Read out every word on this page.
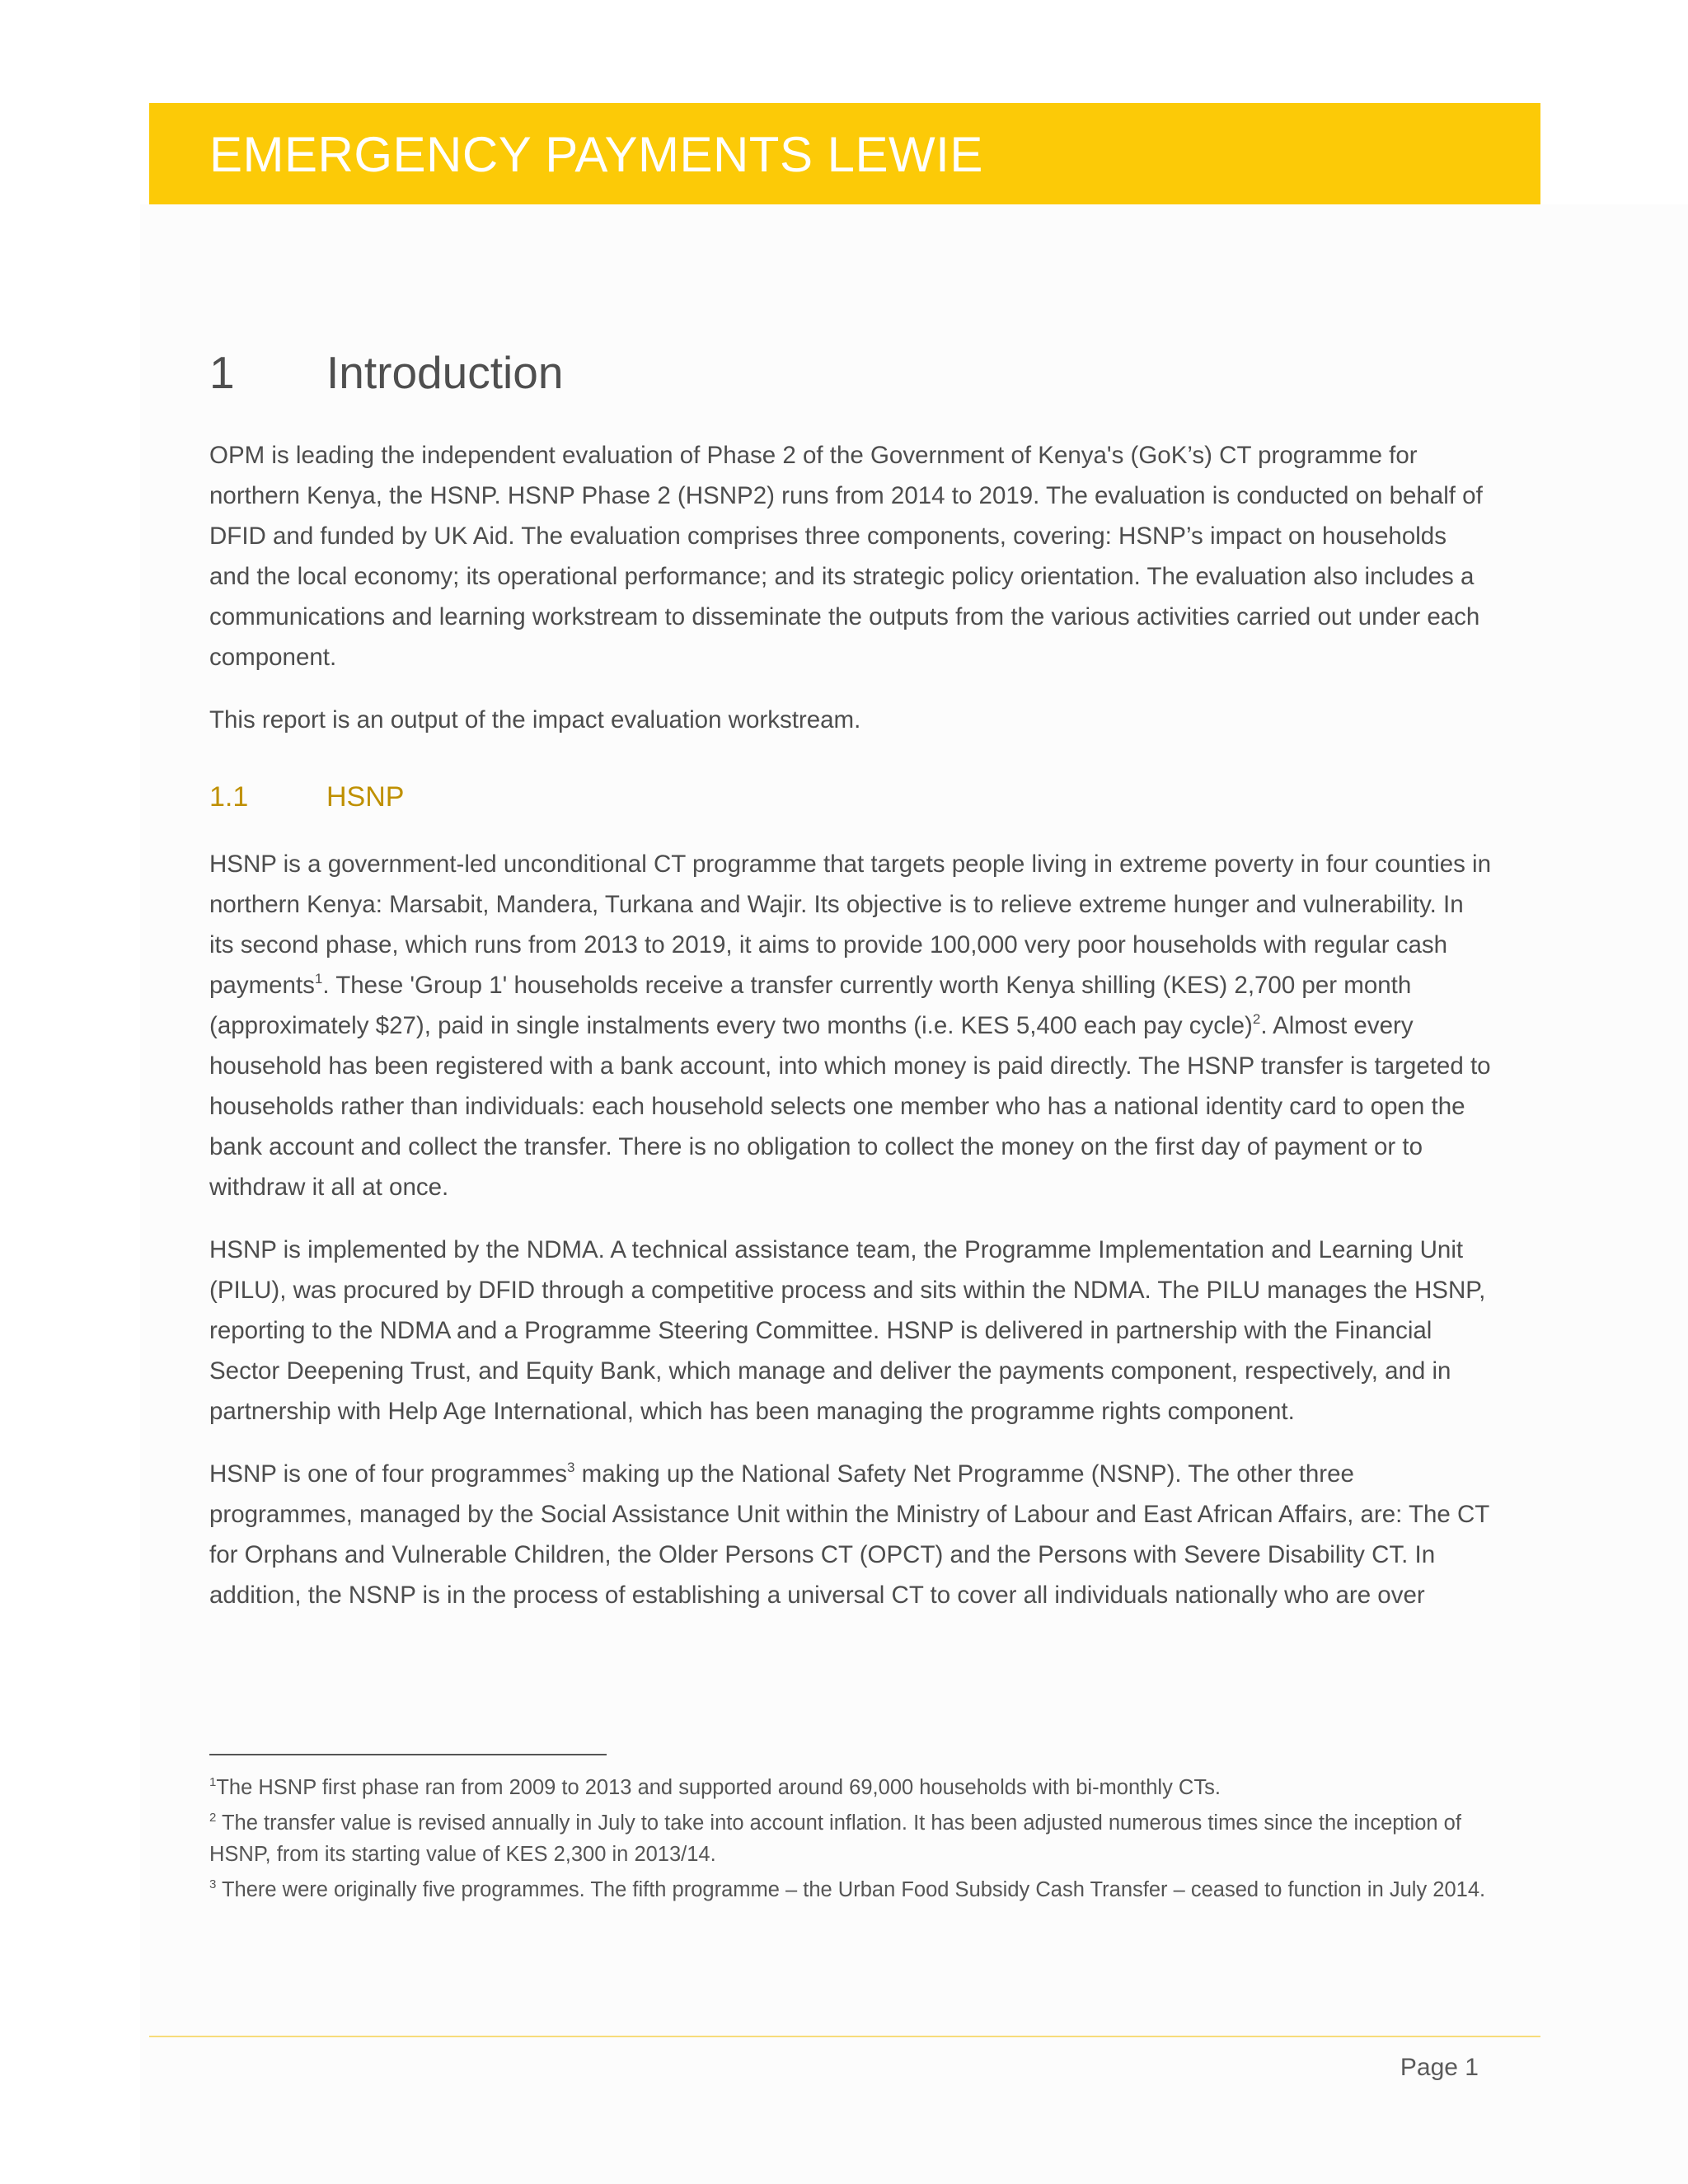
EMERGENCY PAYMENTS LEWIE
1 Introduction

OPM is leading the independent evaluation of Phase 2 of the Government of Kenya's (GoK’s) CT programme for northern Kenya, the HSNP. HSNP Phase 2 (HSNP2) runs from 2014 to 2019. The evaluation is conducted on behalf of DFID and funded by UK Aid. The evaluation comprises three components, covering: HSNP’s impact on households and the local economy; its operational performance; and its strategic policy orientation. The evaluation also includes a communications and learning workstream to disseminate the outputs from the various activities carried out under each component.

This report is an output of the impact evaluation workstream.

1.1	HSNP

HSNP is a government-led unconditional CT programme that targets people living in extreme poverty in four counties in northern Kenya: Marsabit, Mandera, Turkana and Wajir. Its objective is to relieve extreme hunger and vulnerability. In its second phase, which runs from 2013 to 2019, it aims to provide 100,000 very poor households with regular cash payments$^1$. These 'Group 1' households receive a transfer currently worth Kenya shilling (KES) 2,700 per month (approximately $27), paid in single instalments every two months (i.e. KES 5,400 each pay cycle)$^2$. Almost every household has been registered with a bank account, into which money is paid directly. The HSNP transfer is targeted to households rather than individuals: each household selects one member who has a national identity card to open the bank account and collect the transfer. There is no obligation to collect the money on the first day of payment or to withdraw it all at once.

HSNP is implemented by the NDMA. A technical assistance team, the Programme Implementation and Learning Unit (PILU), was procured by DFID through a competitive process and sits within the NDMA. The PILU manages the HSNP, reporting to the NDMA and a Programme Steering Committee. HSNP is delivered in partnership with the Financial Sector Deepening Trust, and Equity Bank, which manage and deliver the payments component, respectively, and in partnership with Help Age International, which has been managing the programme rights component.

HSNP is one of four programmes$^3$ making up the National Safety Net Programme (NSNP). The other three programmes, managed by the Social Assistance Unit within the Ministry of Labour and East African Affairs, are: The CT for Orphans and Vulnerable Children, the Older Persons CT (OPCT) and the Persons with Severe Disability CT. In addition, the NSNP is in the process of establishing a universal CT to cover all individuals nationally who are over

$^1$The HSNP first phase ran from 2009 to 2013 and supported around 69,000 households with bi-monthly CTs.

$^2$ The transfer value is revised annually in July to take into account inflation. It has been adjusted numerous times since the inception of HSNP, from its starting value of KES 2,300 in 2013/14.

$^3$ There were originally five programmes. The fifth programme – the Urban Food Subsidy Cash Transfer – ceased to function in July 2014.

Page 1
